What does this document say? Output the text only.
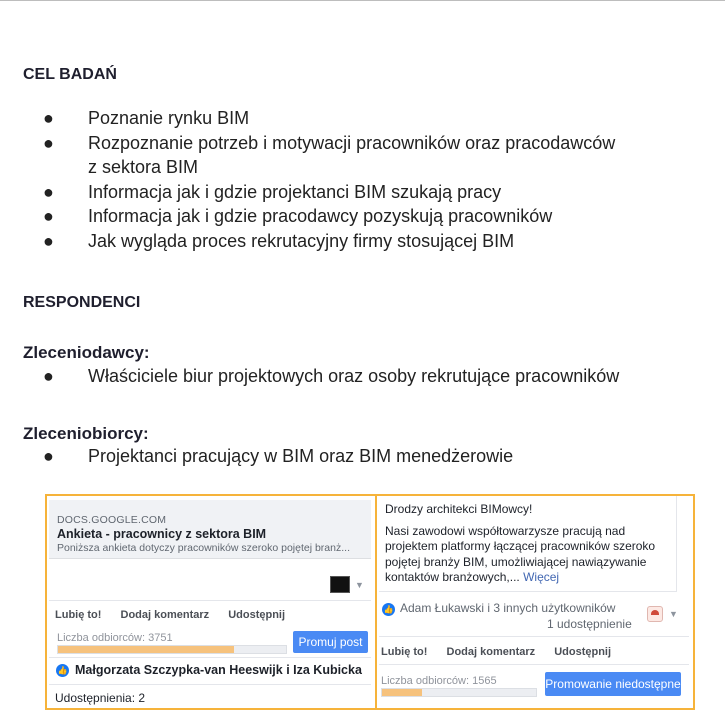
CEL BADAŃ
● Poznanie rynku BIM
● Rozpoznanie potrzeb i motywacji pracowników oraz pracodawców
z sektora BIM
● Informacja jak i gdzie projektanci BIM szukają pracy
● Informacja jak i gdzie pracodawcy pozyskują pracowników
● Jak wygląda proces rekrutacyjny firmy stosującej BIM
RESPONDENCI
Zleceniodawcy:
● Właściciele biur projektowych oraz osoby rekrutujące pracowników
Zleceniobiorcy:
● Projektanci pracujący w BIM oraz BIM menedżerowie
DOCS.GOOGLE.COM
Ankieta - pracownicy z sektora BIM
Poniższa ankieta dotyczy pracowników szeroko pojętej branż...
▼
Lubię to! Dodaj komentarz Udostępnij
Liczba odbiorców: 3751	Promuj post
👍 Małgorzata Szczypka-van Heeswijk i Iza Kubicka
Udostępnienia: 2
Drodzy architekci BIMowcy!
Nasi zawodowi współtowarzysze pracują nad projektem platformy łączącej pracowników szeroko pojętej branży BIM, umożliwiającej nawiązywanie kontaktów branżowych,... Więcej
👍 Adam Łukawski i 3 innych użytkowników
1 udostępnienie
▼
Lubię to! Dodaj komentarz Udostępnij
Liczba odbiorców: 1565	Promowanie niedostępne
